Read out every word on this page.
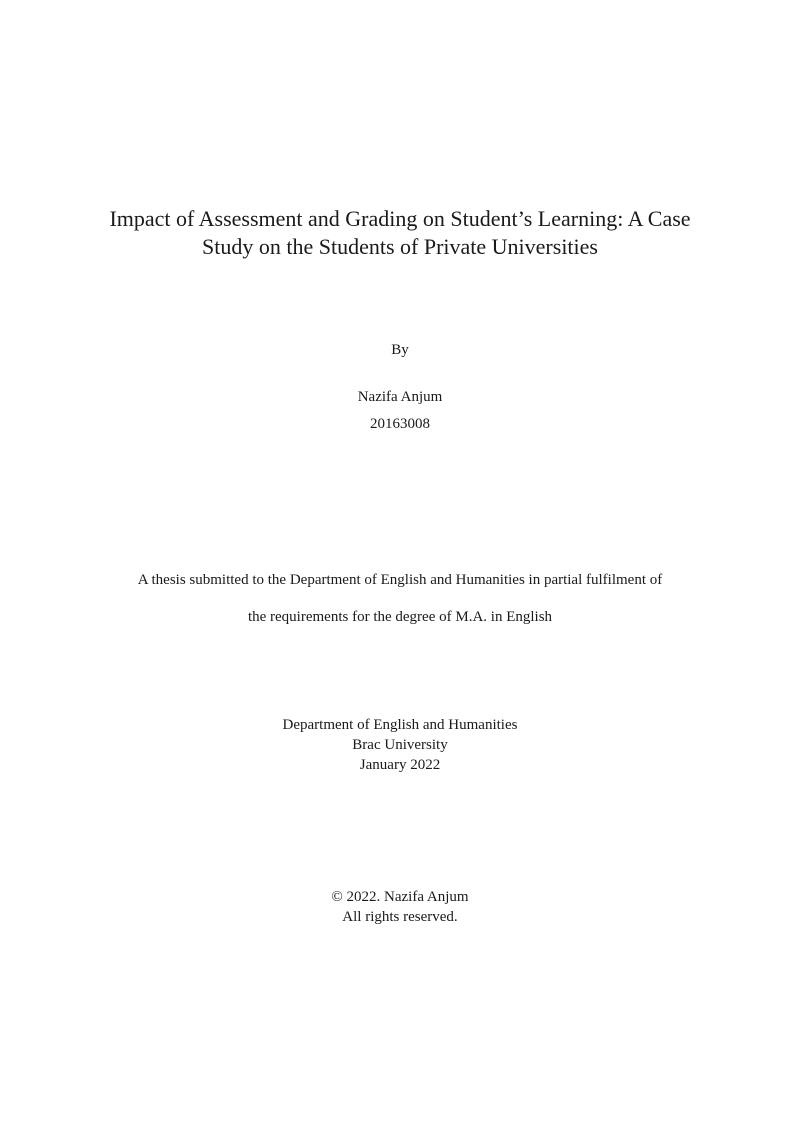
Impact of Assessment and Grading on Student’s Learning: A Case
Study on the Students of Private Universities
By
Nazifa Anjum
20163008
A thesis submitted to the Department of English and Humanities in partial fulfilment of
the requirements for the degree of M.A. in English
Department of English and Humanities
Brac University
January 2022
© 2022. Nazifa Anjum
All rights reserved.
